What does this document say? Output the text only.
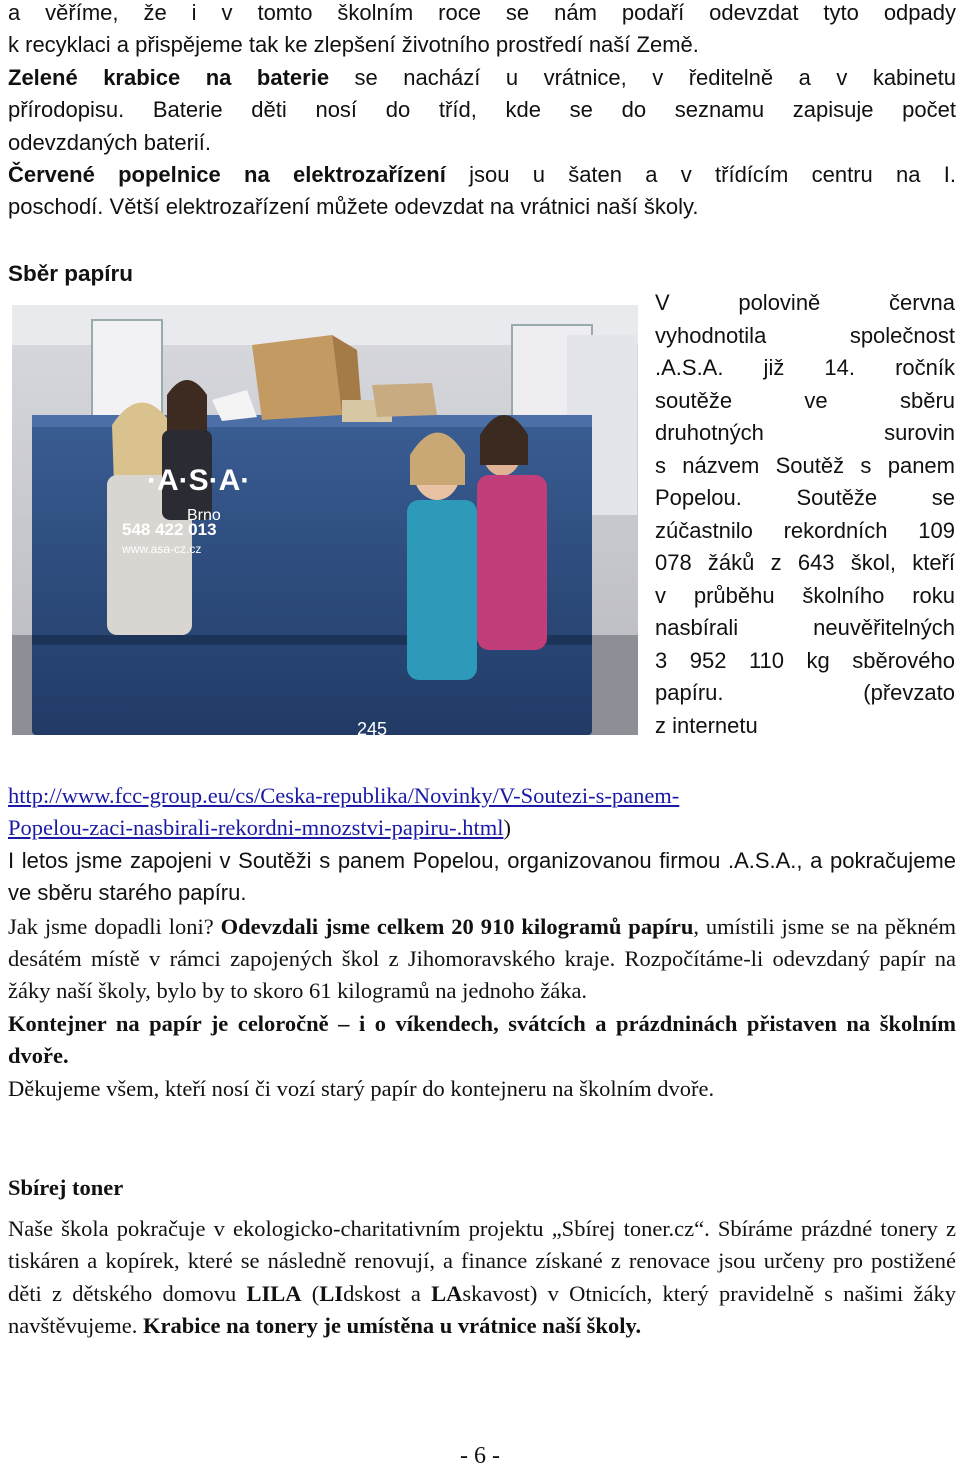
a věříme, že i v tomto školním roce se nám podaří odevzdat tyto odpady
k recyklaci a přispějeme tak ke zlepšení životního prostředí naší Země.
Zelené krabice na baterie se nachází u vrátnice, v ředitelně a v kabinetu
přírodopisu. Baterie děti nosí do tříd, kde se do seznamu zapisuje počet
odevzdaných baterií.
Červené popelnice na elektrozařízení jsou u šaten a v třídícím centru na I.
poschodí. Větší elektrozařízení můžete odevzdat na vrátnici naší školy.
Sběr papíru
·A·S·A·
Brno
548 422 013
www.asa-cz.cz
245
V polovině června
vyhodnotila společnost
.A.S.A. již 14. ročník
soutěže ve sběru
druhotných surovin
s názvem Soutěž s panem
Popelou. Soutěže se
zúčastnilo rekordních 109
078 žáků z 643 škol, kteří
v průběhu školního roku
nasbírali neuvěřitelných
3 952 110 kg sběrového
papíru. (převzato
z internetu
http://www.fcc-group.eu/cs/Ceska-republika/Novinky/V-Soutezi-s-panem-
Popelou-zaci-nasbirali-rekordni-mnozstvi-papiru-.html)

I letos jsme zapojeni v Soutěži s panem Popelou, organizovanou firmou .A.S.A., a pokračujeme ve sběru starého papíru.

Jak jsme dopadli loni? Odevzdali jsme celkem 20 910 kilogramů papíru, umístili jsme se na pěkném desátém místě v rámci zapojených škol z Jihomoravského kraje. Rozpočítáme-li odevzdaný papír na žáky naší školy, bylo by to skoro 61 kilogramů na jednoho žáka.

Kontejner na papír je celoročně – i o víkendech, svátcích a prázdninách přistaven na školním dvoře.

Děkujeme všem, kteří nosí či vozí starý papír do kontejneru na školním dvoře.

Sbírej toner

Naše škola pokračuje v ekologicko-charitativním projektu „Sbírej toner.cz“. Sbíráme prázdné tonery z tiskáren a kopírek, které se následně renovují, a finance získané z renovace jsou určeny pro postižené děti z dětského domovu LILA (LIdskost a LAskavost) v Otnicích, který pravidelně s našimi žáky navštěvujeme. Krabice na tonery je umístěna u vrátnice naší školy.

- 6 -
